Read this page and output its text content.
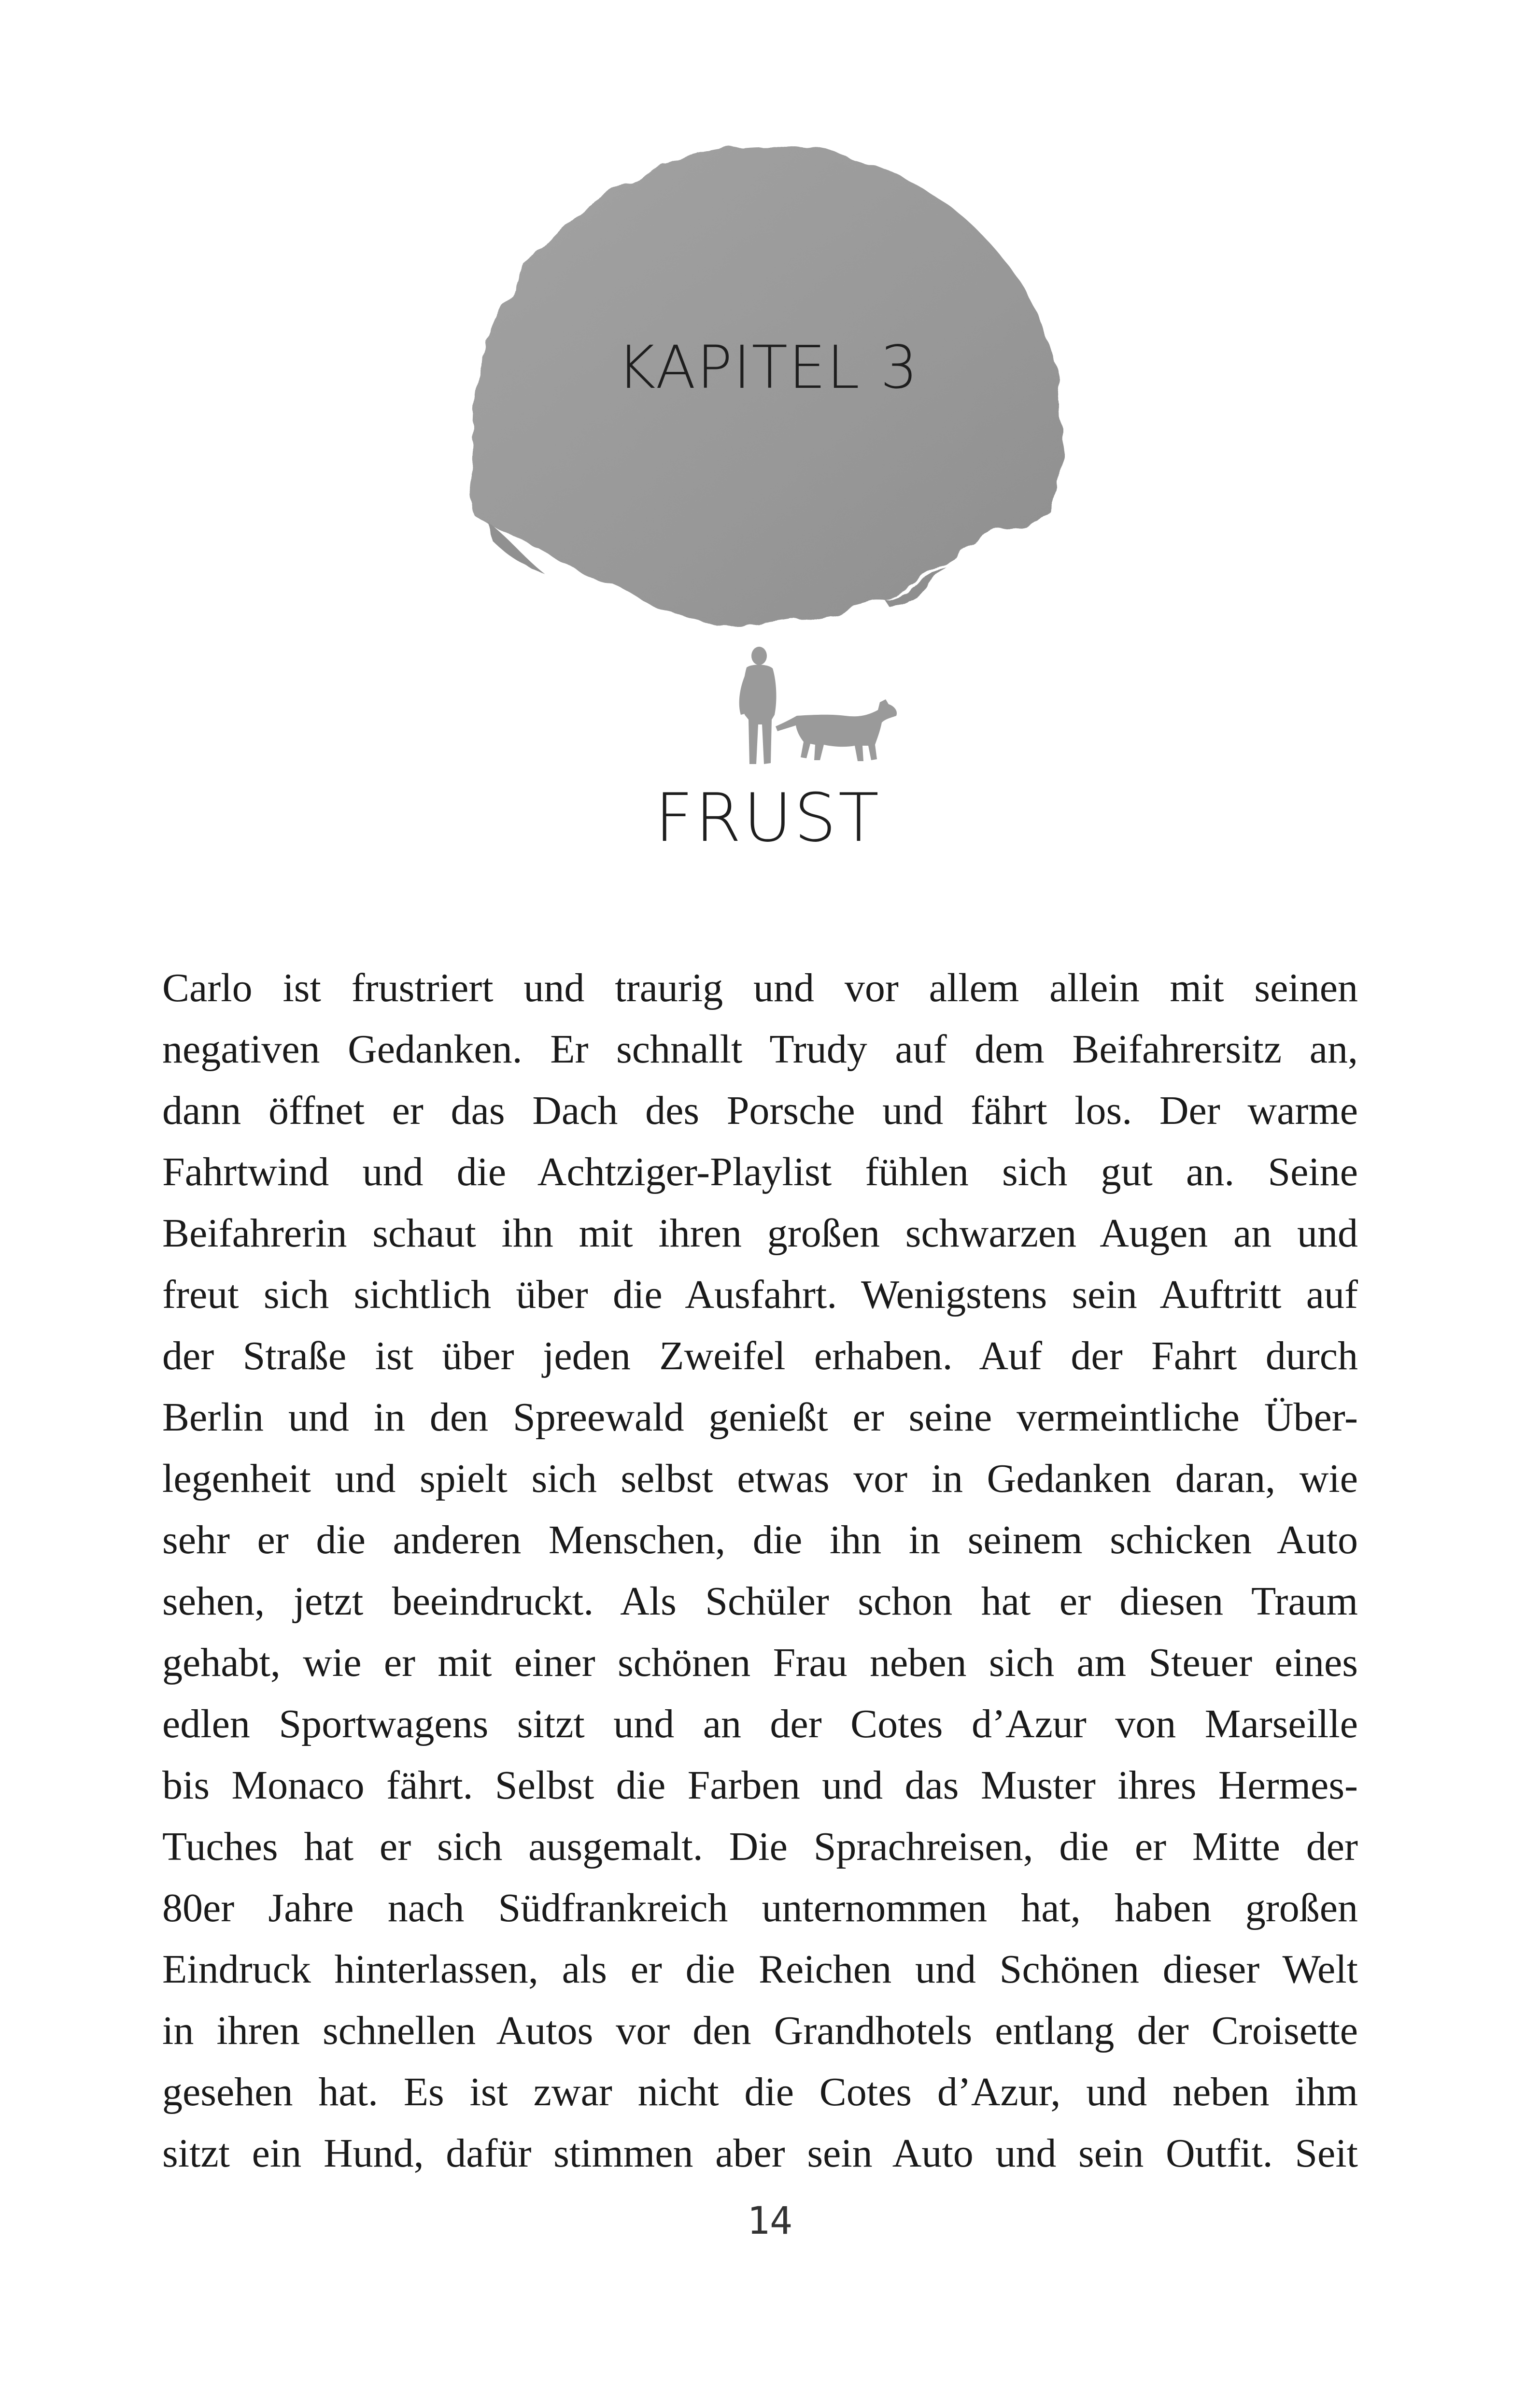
KAPITEL 3
FRUST
Carlo ist frustriert und traurig und vor allem allein mit seinen
negativen Gedanken. Er schnallt Trudy auf dem Beifahrersitz an,
dann öffnet er das Dach des Porsche und fährt los. Der warme
Fahrtwind und die Achtziger-Playlist fühlen sich gut an. Seine
Beifahrerin schaut ihn mit ihren großen schwarzen Augen an und
freut sich sichtlich über die Ausfahrt. Wenigstens sein Auftritt auf
der Straße ist über jeden Zweifel erhaben. Auf der Fahrt durch
Berlin und in den Spreewald genießt er seine vermeintliche Über-
legenheit und spielt sich selbst etwas vor in Gedanken daran, wie
sehr er die anderen Menschen, die ihn in seinem schicken Auto
sehen, jetzt beeindruckt. Als Schüler schon hat er diesen Traum
gehabt, wie er mit einer schönen Frau neben sich am Steuer eines
edlen Sportwagens sitzt und an der Cotes d’Azur von Marseille
bis Monaco fährt. Selbst die Farben und das Muster ihres Hermes-
Tuches hat er sich ausgemalt. Die Sprachreisen, die er Mitte der
80er Jahre nach Südfrankreich unternommen hat, haben großen
Eindruck hinterlassen, als er die Reichen und Schönen dieser Welt
in ihren schnellen Autos vor den Grandhotels entlang der Croisette
gesehen hat. Es ist zwar nicht die Cotes d’Azur, und neben ihm
sitzt ein Hund, dafür stimmen aber sein Auto und sein Outfit. Seit
14
